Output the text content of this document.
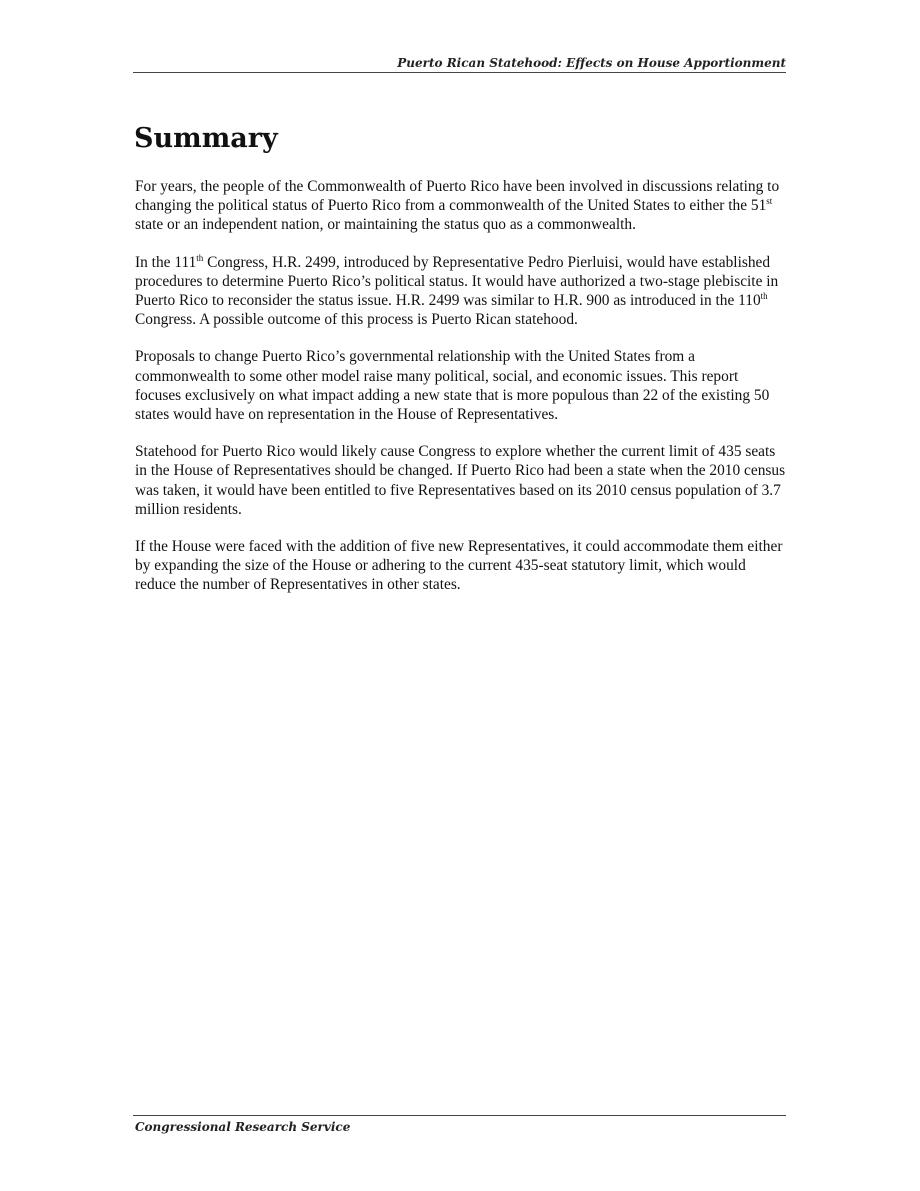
Puerto Rican Statehood: Effects on House Apportionment
Summary

For years, the people of the Commonwealth of Puerto Rico have been involved in discussions relating to changing the political status of Puerto Rico from a commonwealth of the United States to either the 51st state or an independent nation, or maintaining the status quo as a commonwealth.

In the 111th Congress, H.R. 2499, introduced by Representative Pedro Pierluisi, would have established procedures to determine Puerto Rico’s political status. It would have authorized a two-stage plebiscite in Puerto Rico to reconsider the status issue. H.R. 2499 was similar to H.R. 900 as introduced in the 110th Congress. A possible outcome of this process is Puerto Rican statehood.

Proposals to change Puerto Rico’s governmental relationship with the United States from a commonwealth to some other model raise many political, social, and economic issues. This report focuses exclusively on what impact adding a new state that is more populous than 22 of the existing 50 states would have on representation in the House of Representatives.

Statehood for Puerto Rico would likely cause Congress to explore whether the current limit of 435 seats in the House of Representatives should be changed. If Puerto Rico had been a state when the 2010 census was taken, it would have been entitled to five Representatives based on its 2010 census population of 3.7 million residents.

If the House were faced with the addition of five new Representatives, it could accommodate them either by expanding the size of the House or adhering to the current 435-seat statutory limit, which would reduce the number of Representatives in other states.

Congressional Research Service
